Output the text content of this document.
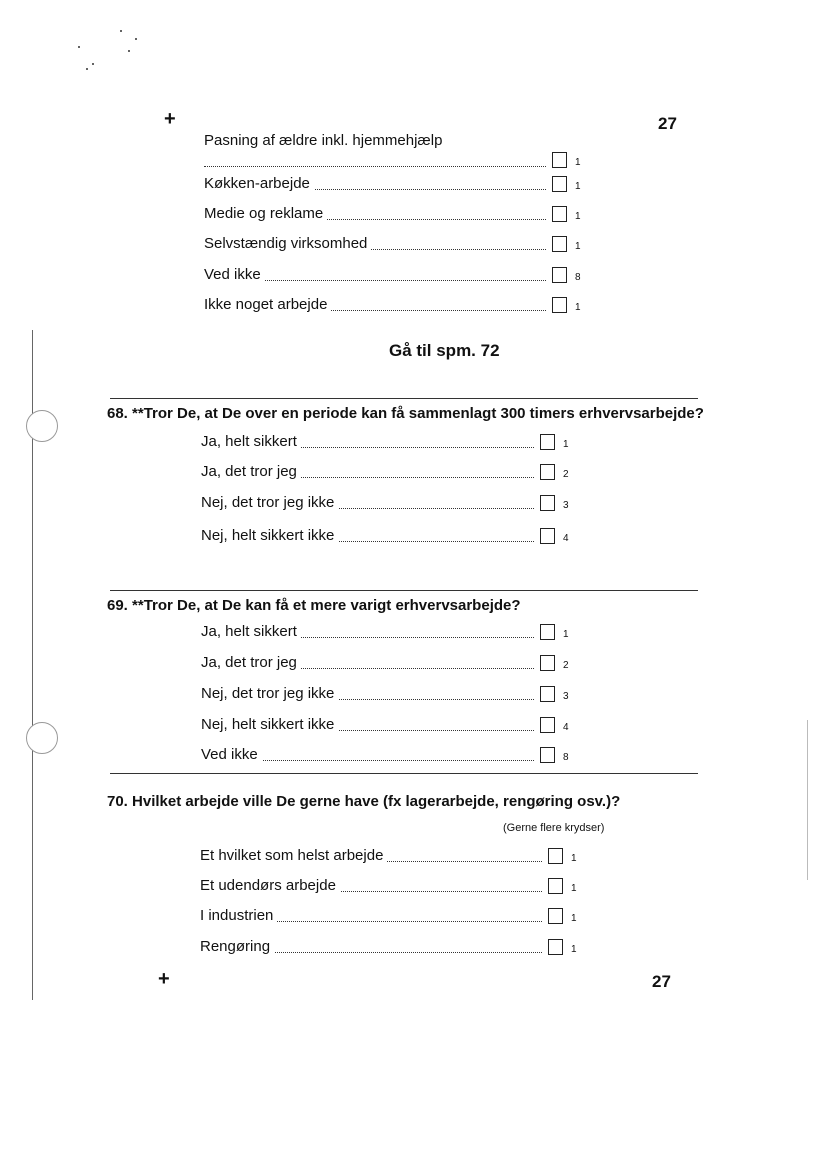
+	27
Pasning af ældre inkl. hjemmehjælp
1
Køkken-arbejde	1
Medie og reklame	1
Selvstændig virksomhed	1
Ved ikke	8
Ikke noget arbejde	1
Gå til spm. 72
68. **Tror De, at De over en periode kan få sammenlagt 300 timers erhvervsarbejde?
Ja, helt sikkert	1
Ja, det tror jeg	2
Nej, det tror jeg ikke	3
Nej, helt sikkert ikke	4
69. **Tror De, at De kan få et mere varigt erhvervsarbejde?
Ja, helt sikkert	1
Ja, det tror jeg	2
Nej, det tror jeg ikke	3
Nej, helt sikkert ikke	4
Ved ikke	8
70. Hvilket arbejde ville De gerne have (fx lagerarbejde, rengøring osv.)?
(Gerne flere krydser)
Et hvilket som helst arbejde	1
Et udendørs arbejde	1
I industrien	1
Rengøring	1
+	27
